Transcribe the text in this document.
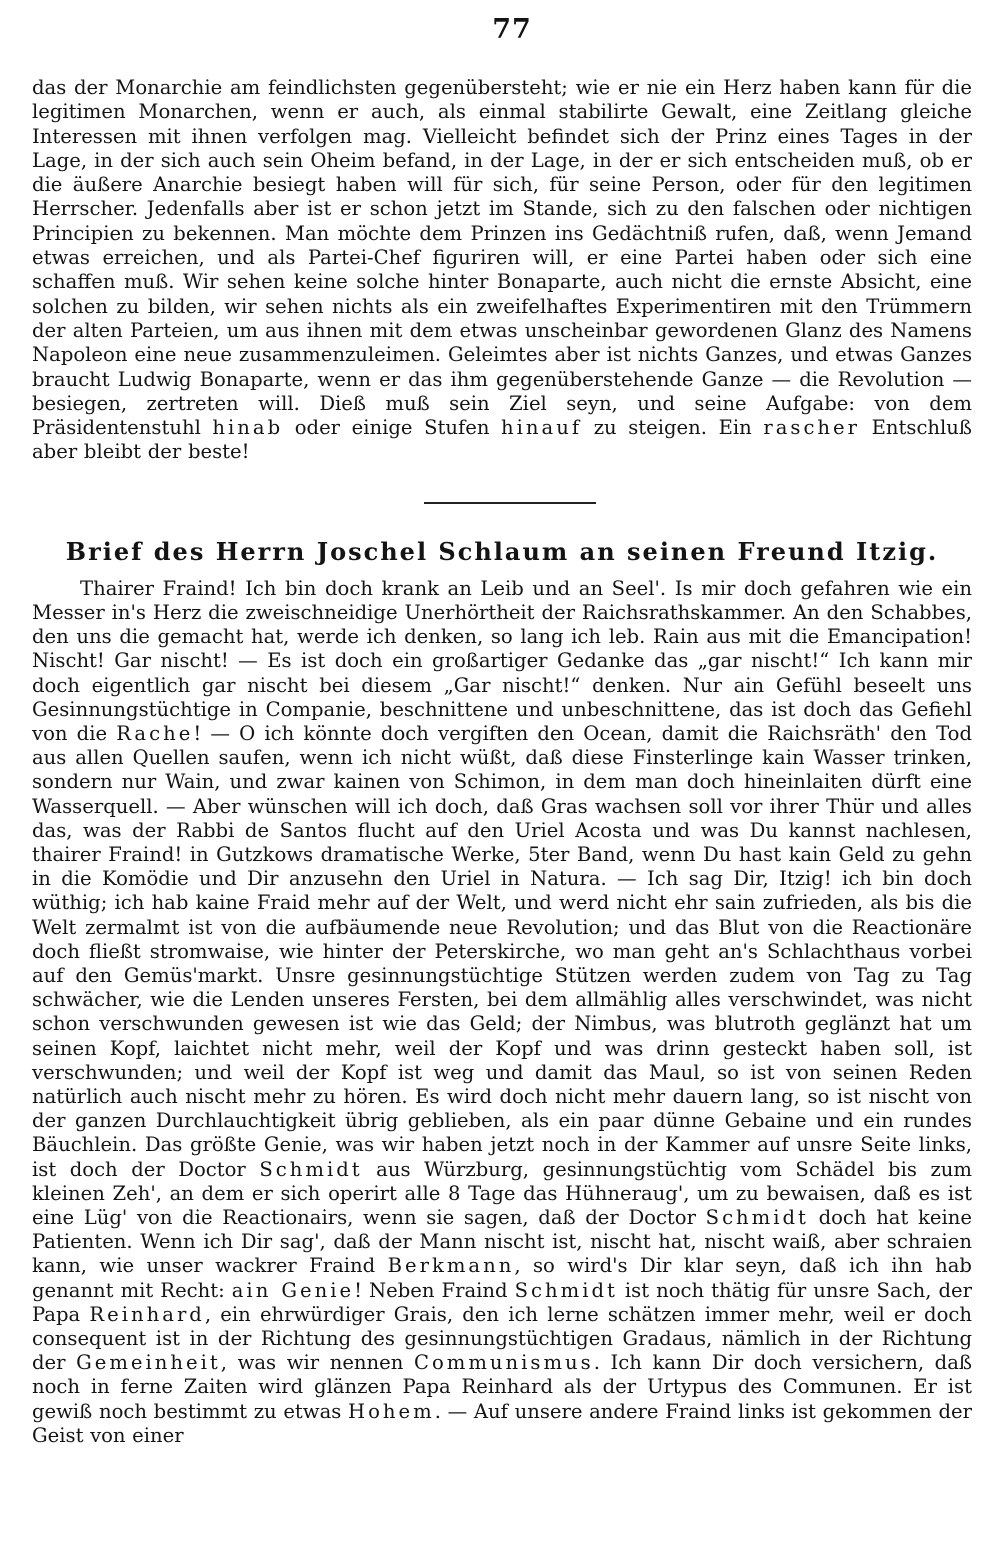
77

das der Monarchie am feindlichsten gegenübersteht; wie er nie ein Herz haben kann für die legitimen Monarchen, wenn er auch, als einmal stabilirte Gewalt, eine Zeitlang gleiche Interessen mit ihnen verfolgen mag. Vielleicht befindet sich der Prinz eines Tages in der Lage, in der sich auch sein Oheim befand, in der Lage, in der er sich entscheiden muß, ob er die äußere Anarchie besiegt haben will für sich, für seine Person, oder für den legitimen Herrscher. Jedenfalls aber ist er schon jetzt im Stande, sich zu den falschen oder nichtigen Principien zu bekennen. Man möchte dem Prinzen ins Gedächtniß rufen, daß, wenn Jemand etwas erreichen, und als Partei-Chef figuriren will, er eine Partei haben oder sich eine schaffen muß. Wir sehen keine solche hinter Bonaparte, auch nicht die ernste Absicht, eine solchen zu bilden, wir sehen nichts als ein zweifelhaftes Experimentiren mit den Trümmern der alten Parteien, um aus ihnen mit dem etwas unscheinbar gewordenen Glanz des Namens Napoleon eine neue zusammenzuleimen. Geleimtes aber ist nichts Ganzes, und etwas Ganzes braucht Ludwig Bonaparte, wenn er das ihm gegenüberstehende Ganze — die Revolution — besiegen, zertreten will. Dieß muß sein Ziel seyn, und seine Aufgabe: von dem Präsidentenstuhl hinab oder einige Stufen hinauf zu steigen. Ein rascher Entschluß aber bleibt der beste!

Brief des Herrn Joschel Schlaum an seinen Freund Itzig.

Thairer Fraind! Ich bin doch krank an Leib und an Seel'. Is mir doch gefahren wie ein Messer in's Herz die zweischneidige Unerhörtheit der Raichsrathskammer. An den Schabbes, den uns die gemacht hat, werde ich denken, so lang ich leb. Rain aus mit die Emancipation! Nischt! Gar nischt! — Es ist doch ein großartiger Gedanke das „gar nischt!“ Ich kann mir doch eigentlich gar nischt bei diesem „Gar nischt!“ denken. Nur ain Gefühl beseelt uns Gesinnungstüchtige in Companie, beschnittene und unbeschnittene, das ist doch das Gefiehl von die Rache! — O ich könnte doch vergiften den Ocean, damit die Raichsräth' den Tod aus allen Quellen saufen, wenn ich nicht wüßt, daß diese Finsterlinge kain Wasser trinken, sondern nur Wain, und zwar kainen von Schimon, in dem man doch hineinlaiten dürft eine Wasserquell. — Aber wünschen will ich doch, daß Gras wachsen soll vor ihrer Thür und alles das, was der Rabbi de Santos flucht auf den Uriel Acosta und was Du kannst nachlesen, thairer Fraind! in Gutzkows dramatische Werke, 5ter Band, wenn Du hast kain Geld zu gehn in die Komödie und Dir anzusehn den Uriel in Natura. — Ich sag Dir, Itzig! ich bin doch wüthig; ich hab kaine Fraid mehr auf der Welt, und werd nicht ehr sain zufrieden, als bis die Welt zermalmt ist von die aufbäumende neue Revolution; und das Blut von die Reactionäre doch fließt stromwaise, wie hinter der Peterskirche, wo man geht an's Schlachthaus vorbei auf den Gemüs'markt. Unsre gesinnungstüchtige Stützen werden zudem von Tag zu Tag schwächer, wie die Lenden unseres Fersten, bei dem allmählig alles verschwindet, was nicht schon verschwunden gewesen ist wie das Geld; der Nimbus, was blutroth geglänzt hat um seinen Kopf, laichtet nicht mehr, weil der Kopf und was drinn gesteckt haben soll, ist verschwunden; und weil der Kopf ist weg und damit das Maul, so ist von seinen Reden natürlich auch nischt mehr zu hören. Es wird doch nicht mehr dauern lang, so ist nischt von der ganzen Durchlauchtigkeit übrig geblieben, als ein paar dünne Gebaine und ein rundes Bäuchlein. Das größte Genie, was wir haben jetzt noch in der Kammer auf unsre Seite links, ist doch der Doctor Schmidt aus Würzburg, gesinnungstüchtig vom Schädel bis zum kleinen Zeh', an dem er sich operirt alle 8 Tage das Hühneraug', um zu bewaisen, daß es ist eine Lüg' von die Reactionairs, wenn sie sagen, daß der Doctor Schmidt doch hat keine Patienten. Wenn ich Dir sag', daß der Mann nischt ist, nischt hat, nischt waiß, aber schraien kann, wie unser wackrer Fraind Berkmann, so wird's Dir klar seyn, daß ich ihn hab genannt mit Recht: ain Genie! Neben Fraind Schmidt ist noch thätig für unsre Sach, der Papa Reinhard, ein ehrwürdiger Grais, den ich lerne schätzen immer mehr, weil er doch consequent ist in der Richtung des gesinnungstüchtigen Gradaus, nämlich in der Richtung der Gemeinheit, was wir nennen Communismus. Ich kann Dir doch versichern, daß noch in ferne Zaiten wird glänzen Papa Reinhard als der Urtypus des Communen. Er ist gewiß noch bestimmt zu etwas Hohem. — Auf unsere andere Fraind links ist gekommen der Geist von einer
